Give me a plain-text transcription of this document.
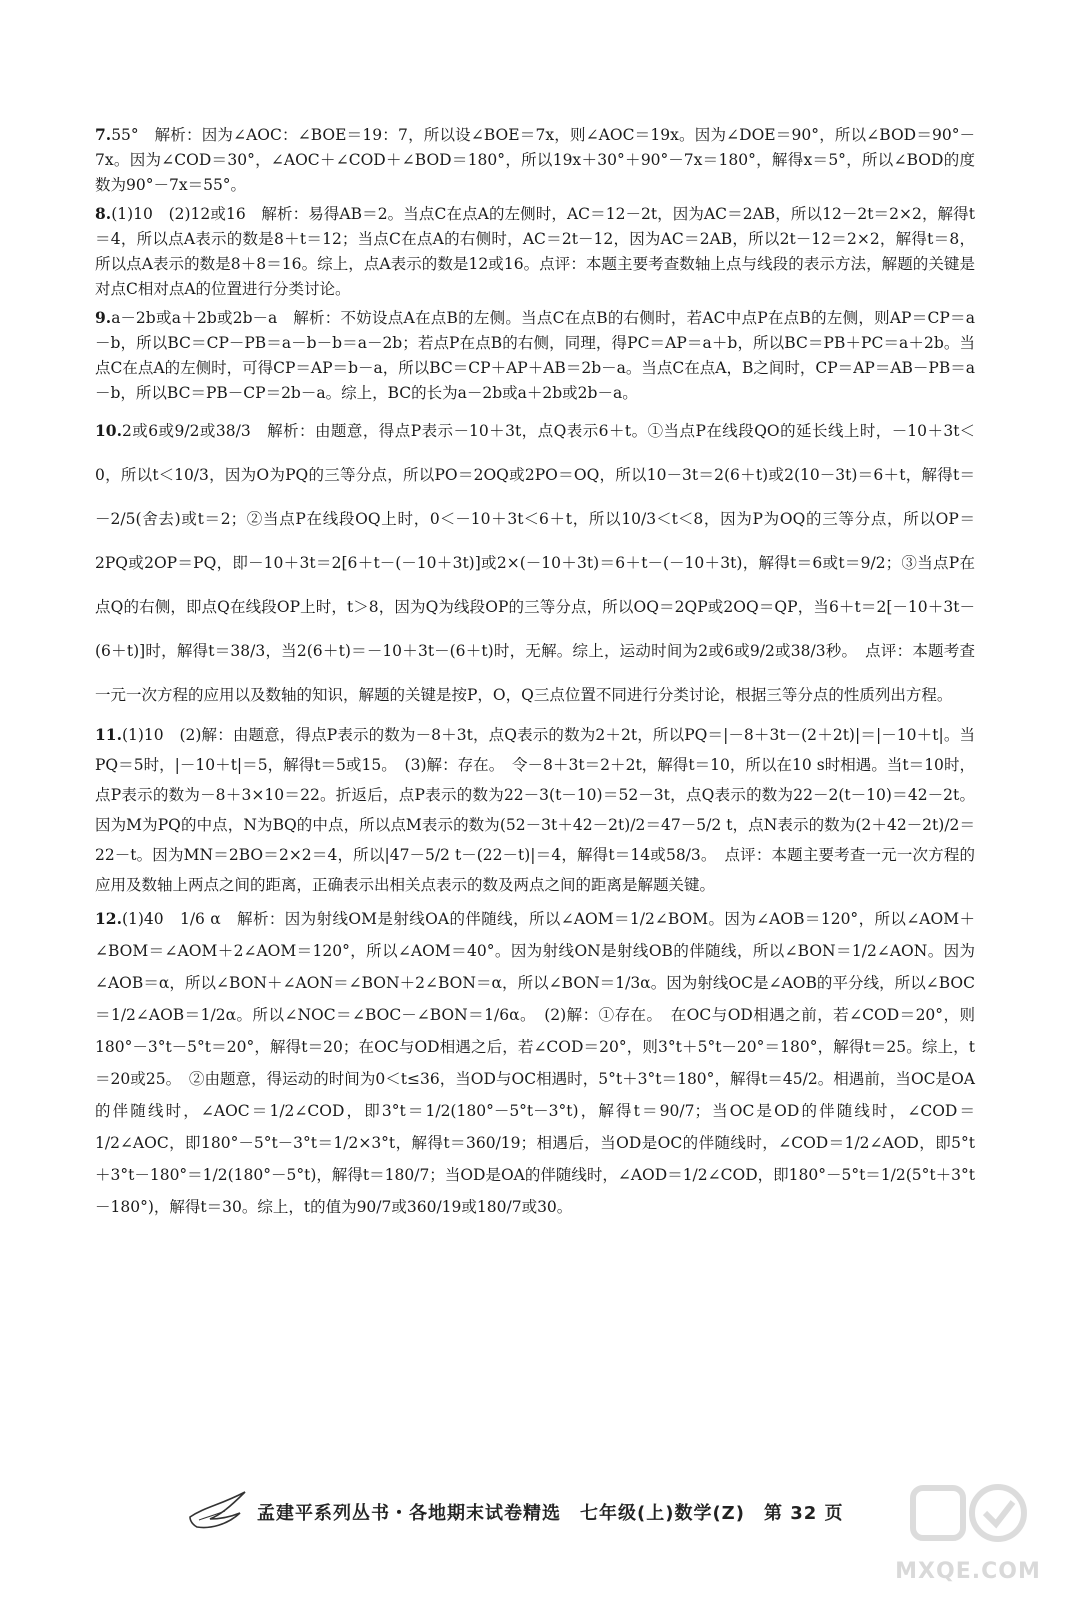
7.55°　解析：因为∠AOC：∠BOE＝19：7，所以设∠BOE＝7x，则∠AOC＝19x。因为∠DOE＝90°，所以∠BOD＝90°－7x。因为∠COD＝30°，∠AOC＋∠COD＋∠BOD＝180°，所以19x＋30°＋90°－7x＝180°，解得x＝5°，所以∠BOD的度数为90°－7x＝55°。

8.(1)10　(2)12或16　解析：易得AB＝2。当点C在点A的左侧时，AC＝12－2t，因为AC＝2AB，所以12－2t＝2×2，解得t＝4，所以点A表示的数是8＋t＝12；当点C在点A的右侧时，AC＝2t－12，因为AC＝2AB，所以2t－12＝2×2，解得t＝8，所以点A表示的数是8＋8＝16。综上，点A表示的数是12或16。点评：本题主要考查数轴上点与线段的表示方法，解题的关键是对点C相对点A的位置进行分类讨论。

9.a－2b或a＋2b或2b－a　解析：不妨设点A在点B的左侧。当点C在点B的右侧时，若AC中点P在点B的左侧，则AP＝CP＝a－b，所以BC＝CP－PB＝a－b－b＝a－2b；若点P在点B的右侧，同理，得PC＝AP＝a＋b，所以BC＝PB＋PC＝a＋2b。当点C在点A的左侧时，可得CP＝AP＝b－a，所以BC＝CP＋AP＋AB＝2b－a。当点C在点A，B之间时，CP＝AP＝AB－PB＝a－b，所以BC＝PB－CP＝2b－a。综上，BC的长为a－2b或a＋2b或2b－a。

10.2或6或9/2或38/3　解析：由题意，得点P表示－10＋3t，点Q表示6＋t。①当点P在线段QO的延长线上时，－10＋3t＜0，所以t＜10/3，因为O为PQ的三等分点，所以PO＝2OQ或2PO＝OQ，所以10－3t＝2(6＋t)或2(10－3t)＝6＋t，解得t＝－2/5(舍去)或t＝2；②当点P在线段OQ上时，0＜－10＋3t＜6＋t，所以10/3＜t＜8，因为P为OQ的三等分点，所以OP＝2PQ或2OP＝PQ，即－10＋3t＝2[6＋t－(－10＋3t)]或2×(－10＋3t)＝6＋t－(－10＋3t)，解得t＝6或t＝9/2；③当点P在点Q的右侧，即点Q在线段OP上时，t＞8，因为Q为线段OP的三等分点，所以OQ＝2QP或2OQ＝QP，当6＋t＝2[－10＋3t－(6＋t)]时，解得t＝38/3，当2(6＋t)＝－10＋3t－(6＋t)时，无解。综上，运动时间为2或6或9/2或38/3秒。　点评：本题考查一元一次方程的应用以及数轴的知识，解题的关键是按P，O，Q三点位置不同进行分类讨论，根据三等分点的性质列出方程。

11.(1)10　(2)解：由题意，得点P表示的数为－8＋3t，点Q表示的数为2＋2t，所以PQ＝|－8＋3t－(2＋2t)|＝|－10＋t|。当PQ＝5时，|－10＋t|＝5，解得t＝5或15。　(3)解：存在。　令－8＋3t＝2＋2t，解得t＝10，所以在10 s时相遇。当t＝10时，点P表示的数为－8＋3×10＝22。折返后，点P表示的数为22－3(t－10)＝52－3t，点Q表示的数为22－2(t－10)＝42－2t。因为M为PQ的中点，N为BQ的中点，所以点M表示的数为(52－3t＋42－2t)/2＝47－5/2 t，点N表示的数为(2＋42－2t)/2＝22－t。因为MN＝2BO＝2×2＝4，所以|47－5/2 t－(22－t)|＝4，解得t＝14或58/3。　点评：本题主要考查一元一次方程的应用及数轴上两点之间的距离，正确表示出相关点表示的数及两点之间的距离是解题关键。

12.(1)40　1/6 α　解析：因为射线OM是射线OA的伴随线，所以∠AOM＝1/2∠BOM。因为∠AOB＝120°，所以∠AOM＋∠BOM＝∠AOM＋2∠AOM＝120°，所以∠AOM＝40°。因为射线ON是射线OB的伴随线，所以∠BON＝1/2∠AON。因为∠AOB＝α，所以∠BON＋∠AON＝∠BON＋2∠BON＝α，所以∠BON＝1/3α。因为射线OC是∠AOB的平分线，所以∠BOC＝1/2∠AOB＝1/2α。所以∠NOC＝∠BOC－∠BON＝1/6α。　(2)解：①存在。　在OC与OD相遇之前，若∠COD＝20°，则180°－3°t－5°t＝20°，解得t＝20；在OC与OD相遇之后，若∠COD＝20°，则3°t＋5°t－20°＝180°，解得t＝25。综上，t＝20或25。　②由题意，得运动的时间为0＜t≤36，当OD与OC相遇时，5°t＋3°t＝180°，解得t＝45/2。相遇前，当OC是OA的伴随线时，∠AOC＝1/2∠COD，即3°t＝1/2(180°－5°t－3°t)，解得t＝90/7；当OC是OD的伴随线时，∠COD＝1/2∠AOC，即180°－5°t－3°t＝1/2×3°t，解得t＝360/19；相遇后，当OD是OC的伴随线时，∠COD＝1/2∠AOD，即5°t＋3°t－180°＝1/2(180°－5°t)，解得t＝180/7；当OD是OA的伴随线时，∠AOD＝1/2∠COD，即180°－5°t＝1/2(5°t＋3°t－180°)，解得t＝30。综上，t的值为90/7或360/19或180/7或30。

孟建平系列丛书・各地期末试卷精选　七年级(上)数学(Z)　第 32 页
MXQE.COM
